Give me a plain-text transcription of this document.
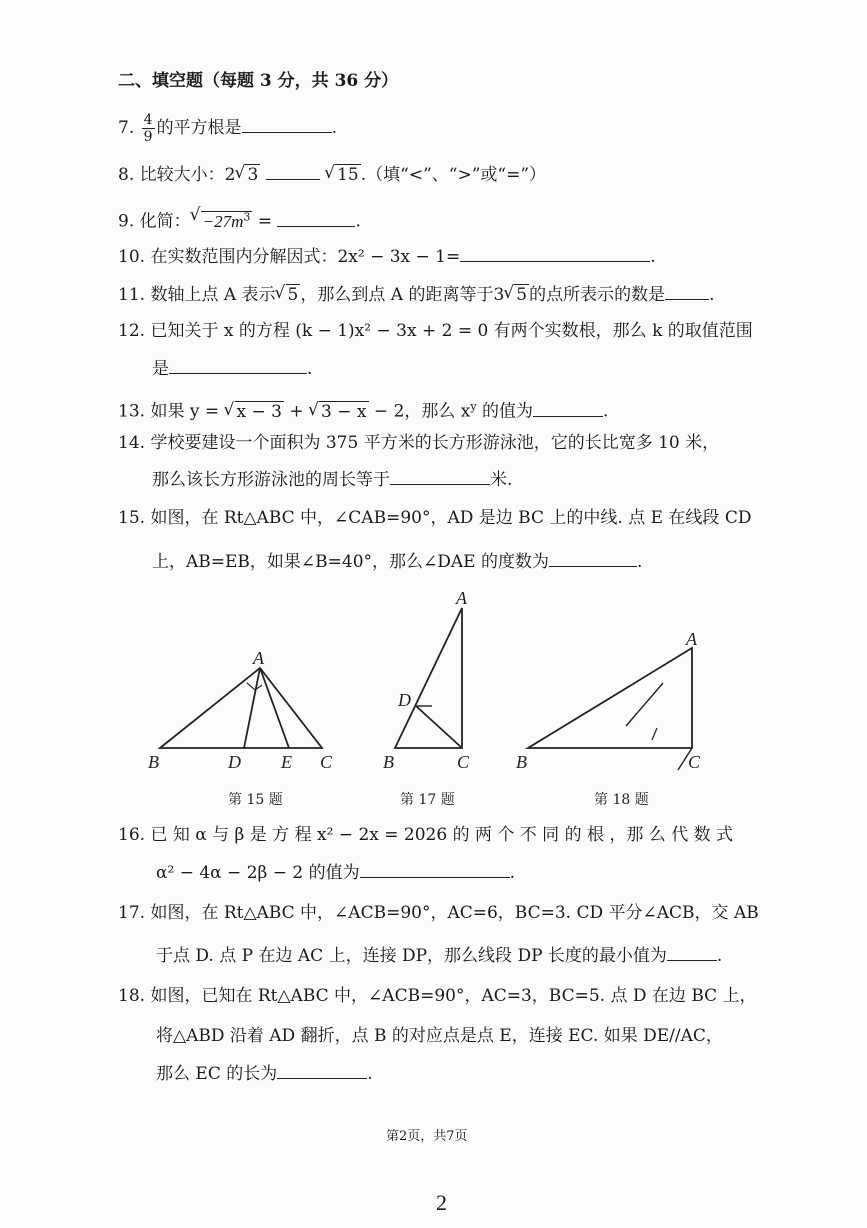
二、填空题（每题 3 分，共 36 分）
7. $\frac{4}{9}$ 的平方根是	.
8. 比较大小：2 √ 3	√ 15 .（填“<”、“>”或“=”）
9. 化简： √ $-27m^3$ =	.
10. 在实数范围内分解因式：2x² − 3x − 1=	.
11. 数轴上点 A 表示 √ 5 ，那么到点 A 的距离等于3 √ 5 的点所表示的数是	.
12. 已知关于 x 的方程 (k − 1)x² − 3x + 2 = 0 有两个实数根，那么 k 的取值范围
是	.
13. 如果 y = √ x − 3 + √ 3 − x − 2，那么 $x^y$ 的值为	.
14. 学校要建设一个面积为 375 平方米的长方形游泳池，它的长比宽多 10 米，
那么该长方形游泳池的周长等于	米.
15. 如图，在 Rt△ABC 中，∠CAB=90°，AD 是边 BC 上的中线. 点 E 在线段 CD
上，AB=EB，如果∠B=40°，那么∠DAE 的度数为	.
A
B	D E C
A
D
B	C
A
B	C
第 15 题	第 17 题	第 18 题
16. 已 知 α 与 β 是 方 程 x² − 2x = 2026 的 两 个 不 同 的 根 ，那 么 代 数 式
α² − 4α − 2β − 2 的值为	.
17. 如图，在 Rt△ABC 中，∠ACB=90°，AC=6，BC=3. CD 平分∠ACB，交 AB
于点 D. 点 P 在边 AC 上，连接 DP，那么线段 DP 长度的最小值为	.
18. 如图，已知在 Rt△ABC 中，∠ACB=90°，AC=3，BC=5. 点 D 在边 BC 上，
将△ABD 沿着 AD 翻折，点 B 的对应点是点 E，连接 EC. 如果 DE//AC，
那么 EC 的长为	.
第2页，共7页
2
